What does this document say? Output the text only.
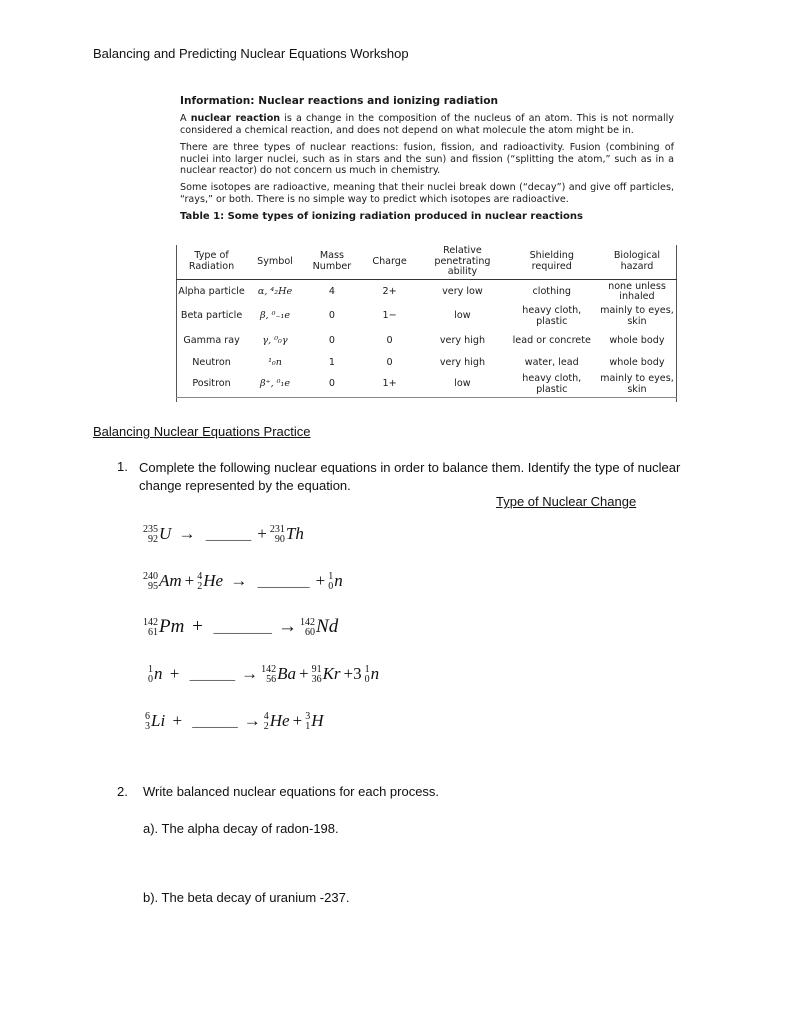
Balancing and Predicting Nuclear Equations Workshop
Information: Nuclear reactions and ionizing radiation

A nuclear reaction is a change in the composition of the nucleus of an atom. This is not normally considered a chemical reaction, and does not depend on what molecule the atom might be in.

There are three types of nuclear reactions: fusion, fission, and radioactivity. Fusion (combining of nuclei into larger nuclei, such as in stars and the sun) and fission (“splitting the atom,” such as in a nuclear reactor) do not concern us much in chemistry.

Some isotopes are radioactive, meaning that their nuclei break down (“decay”) and give off particles, “rays,” or both. There is no simple way to predict which isotopes are radioactive.

Table 1: Some types of ionizing radiation produced in nuclear reactions
Type of Radiation	Symbol	Mass Number	Charge	Relative penetrating ability	Shielding required	Biological hazard
Alpha particle	α, ⁴₂He	4	2+	very low	clothing	none unless inhaled
Beta particle	β, ⁰₋₁e	0	1−	low	heavy cloth, plastic	mainly to eyes, skin
Gamma ray	γ, ⁰₀γ	0	0	very high	lead or concrete	whole body
Neutron	¹₀n	1	0	very high	water, lead	whole body
Positron	β⁺, ⁰₁e	0	1+	low	heavy cloth, plastic	mainly to eyes, skin
Balancing Nuclear Equations Practice
1. Complete the following nuclear equations in order to balance them. Identify the type of nuclear change represented by the equation.
Type of Nuclear Change
235
92 U → _______ + 231
90 Th
240
95 Am + 4
2 He → ________ + 1
0 n
142
61 Pm + _________ → 142
60 Nd
1
0 n + _______ → 142
56 Ba + 91
36 Kr +3 1
0 n
6
3 Li + _______ → 4
2 He + 3
1 H
2. Write balanced nuclear equations for each process.
a). The alpha decay of radon-198.
b). The beta decay of uranium -237.
